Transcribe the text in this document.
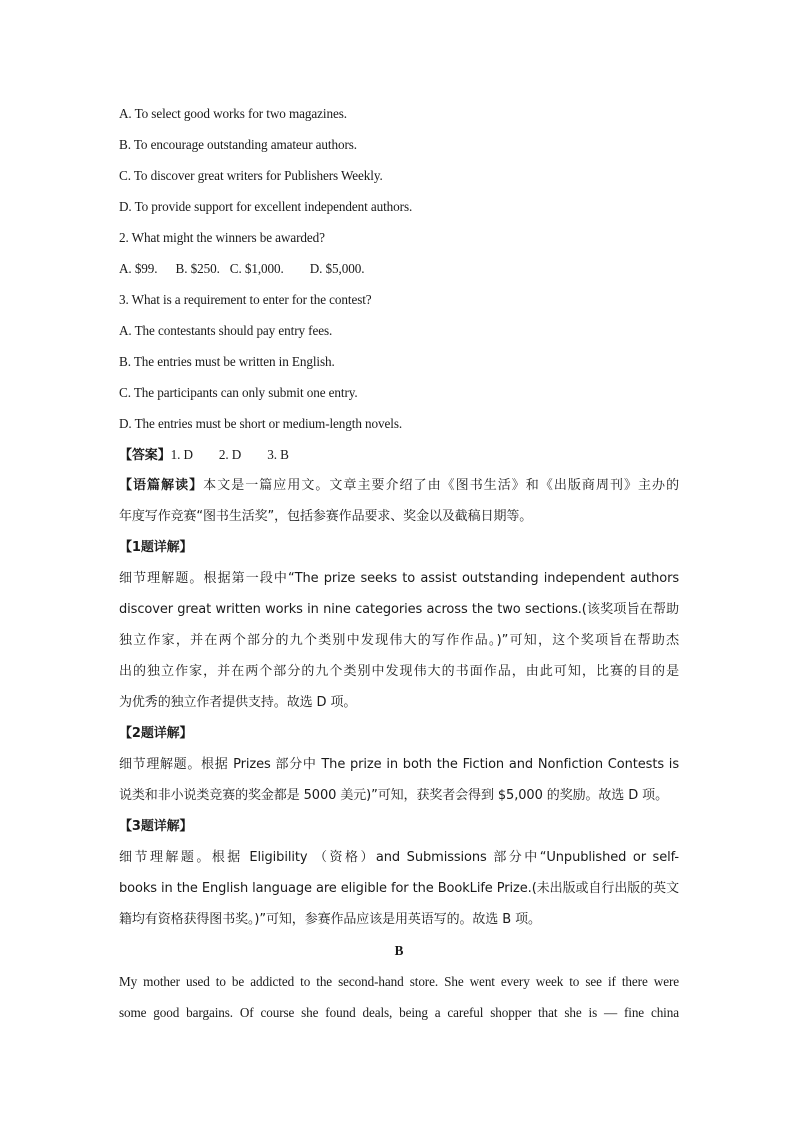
A. To select good works for two magazines.
B. To encourage outstanding amateur authors.
C. To discover great writers for Publishers Weekly.
D. To provide support for excellent independent authors.
2. What might the winners be awarded?
A. $99. B. $250. C. $1,000. D. $5,000.
3. What is a requirement to enter for the contest?
A. The contestants should pay entry fees.
B. The entries must be written in English.
C. The participants can only submit one entry.
D. The entries must be short or medium-length novels.
【答案】1. D 2. D 3. B
【语篇解读】本文是一篇应用文。文章主要介绍了由《图书生活》和《出版商周刊》主办的
年度写作竞赛“图书生活奖”，包括参赛作品要求、奖金以及截稿日期等。
【1题详解】
细节理解题。根据第一段中“The prize seeks to assist outstanding independent authors
discover great written works in nine categories across the two sections.(该奖项旨在帮助
独立作家，并在两个部分的九个类别中发现伟大的写作作品。)”可知，这个奖项旨在帮助杰
出的独立作家，并在两个部分的九个类别中发现伟大的书面作品，由此可知，比赛的目的是
为优秀的独立作者提供支持。故选 D 项。
【2题详解】
细节理解题。根据 Prizes 部分中 The prize in both the Fiction and Nonfiction Contests is
说类和非小说类竞赛的奖金都是 5000 美元)”可知，获奖者会得到 $5,000 的奖励。故选 D 项。
【3题详解】
细节理解题。根据 Eligibility （资格）and Submissions 部分中“Unpublished or self-
books in the English language are eligible for the BookLife Prize.(未出版或自行出版的英文
籍均有资格获得图书奖。)”可知，参赛作品应该是用英语写的。故选 B 项。
B
My mother used to be addicted to the second-hand store. She went every week to see if there were
some good bargains. Of course she found deals, being a careful shopper that she is — fine china
